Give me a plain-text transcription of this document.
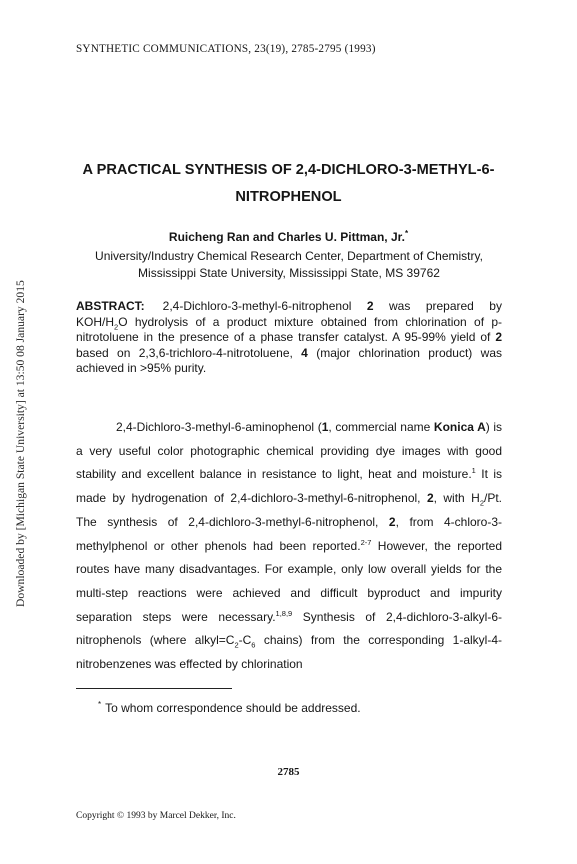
SYNTHETIC COMMUNICATIONS, 23(19), 2785-2795 (1993)
Downloaded by [Michigan State University] at 13:50 08 January 2015
A PRACTICAL SYNTHESIS OF 2,4-DICHLORO-3-METHYL-6-NITROPHENOL
Ruicheng Ran and Charles U. Pittman, Jr.*
University/Industry Chemical Research Center, Department of Chemistry, Mississippi State University, Mississippi State, MS 39762
ABSTRACT: 2,4-Dichloro-3-methyl-6-nitrophenol 2 was prepared by KOH/$H_2O$ hydrolysis of a product mixture obtained from chlorination of p-nitrotoluene in the presence of a phase transfer catalyst. A 95-99% yield of 2 based on 2,3,6-trichloro-4-nitrotoluene, 4 (major chlorination product) was achieved in >95% purity.

2,4-Dichloro-3-methyl-6-aminophenol (1, commercial name Konica A) is a very useful color photographic chemical providing dye images with good stability and excellent balance in resistance to light, heat and moisture.$^1$ It is made by hydrogenation of 2,4-dichloro-3-methyl-6-nitrophenol, 2, with $H_2/Pt$. The synthesis of 2,4-dichloro-3-methyl-6-nitrophenol, 2, from 4-chloro-3-methylphenol or other phenols had been reported.$^{2-7}$ However, the reported routes have many disadvantages. For example, only low overall yields for the multi-step reactions were achieved and difficult byproduct and impurity separation steps were necessary.$^{1,8,9}$ Synthesis of 2,4-dichloro-3-alkyl-6-nitrophenols (where $alkyl=C_2-C_6$ chains) from the corresponding 1-alkyl-4-nitrobenzenes was effected by chlorination

* To whom correspondence should be addressed.
2785
Copyright © 1993 by Marcel Dekker, Inc.
